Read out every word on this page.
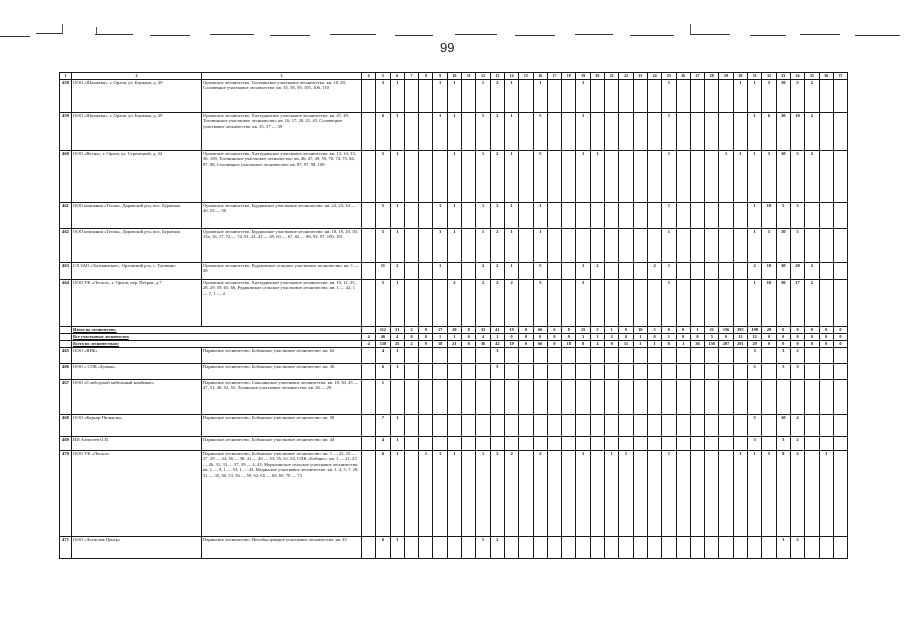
99
1	2	3	4	5	6	7	8	9	10	11	12	13	14	15	16	17	18	19	20	21	22	23	24	25	26	27	28	29	30	31	32	33	34	35	36	37	
458	ООО «Шахматы», г. Орлов, ул. Баумана, д. 29	Орловское лесничество, Тоотвинское участковое лесничество: кв. 18, 29; Соловецкое участковое лесничество: кв. 35, 58, 59, 105, 106, 110		3	1			1	1		1	2	1		1			1						1					1	1	5	10	5	2					
459	ООО «Шахматы», г. Орлов, ул. Баумана, д. 29	Орловское лесничество, Халтуринское участковое лесничество: кв. 47, 49, Тоотвинское участковое лесничество: кв. 16, 17, 20, 21, 45, Соловецкое участковое лесничество: кв. 35, 37 — 39		6	1			1	1		1	2	1		5			1						1						1	6	30	10	2					
460	ООО «Весна», г. Орлов, ул. Стрелецкой, д. 22	Орловское лесничество, Халтуринское участковое лесничество: кв. 13, 14, 33, 36, 109, Тоотвинское участковое лесничество: кв. 46, 47, 49, 59, 70, 74, 75, 84, 87, 98, Соловецкое участковое лесничество: кв. 87, 97, 98, 109		5	1				1		1	2	1		5			1	1					1				1	1	1	5	10	5	2					
461	ООО компания «Тесма», Даровской р-н, пос. Бураенок	Орловское лесничество, Бурдинское участковое лесничество: кв. 22, 23, 34 — 40, 53 — 56		5	1			1	1		1	2	1		1									1						1	10	5	3						
462	ООО компания «Тесма», Даровской р-н, пос. Бураенок	Орловское лесничество, Бурдинское участковое лесничество: кв. 18, 19, 20, 50, 15а, 16, 17, 72 — 74, 91, 24, 41 — 49, 63 — 67, 82 — 86, 92, 97, 100, 101		5	1			1	1		1	2	1		1									1						1	5	10	5						
463	СХ ЗАО «Тоотвинское», Орловский р-н, с. Тоотвино	Орловское лесничество, Рудаковское сельское участковое лесничество: кв. 1 — 28		11	2			1			2	2	1		5			1	2				2	1						2	10	30	20	2					
464	ООО УК «Лесхоз», г. Орлов, пер. Петров, д.7	Орловское лесничество, Халтуринское участковое лесничество: кв. 10, 11, 25, 28, 29, 59, 65, 66, Рудаковское сельское участковое лесничество: кв. 1 — 42, 1 — 7, 1 — 4		5	1				2		2	2	2		5			2						1						1	10	30	17	2					
	Итого по лесничеству:			112	21	2	9	17	20	8	32	41	19	0	66	6	8	15	5	1	0	10	3	0	0	1	21	156	395	198	29	0	0	0	0	0			
	Все участковые лесничества		4	46	4	0	0	1	1	0	4	1	0	0	0	0	0	3	3	2	0	1	0	1	0	0	5	0	12	12	0	0	0	0	0	0			
	Всего по лесничествам:		4	158	25	2	9	18	21	8	36	42	19	0	66	0	18	8	4	0	31	3	1	8	1	26	156	207	201	29	0	0	0	0	0	0			
465	ООО «ВНБ»	Паринское лесничество, Бобинское участковое лесничество: кв. 62		4	1							3																		3		3	2						
466	ООО « СОК «Бумаж»	Паринское лесничество, Бобинское участковое лесничество: кв. 30		6	1							5																		5		5	3						
467	ООО «Слободской мебельный комбинат»	Паринское лесничество, Соколинское участковое лесничество: кв. 18, 30, 45 — 47, 51, 48, 52, 53, Лозинское участковое лесничество: кв. 26 — 29		1																																			
468	ООО «Карьер-Пичкилы»	Паринское лесничество, Бобинское участковое лесничество: кв. 38		7	1																									5		10	4						
469	ИП Алексеев О.П.	Паринское лесничество, Бобинское участковое лесничество: кв. 44		4	1																									3		3	2						
470	ООО УК «Лесхоз»	Паринское лесничество, Бобинское участковое лесничество: кв. 1 — 23, 25 — 27, 29 — 34, 36 — 38, 41 — 49 — 53, 55, 61, 62, СПК «Бобино»: кв. 1 — 21, 23 — 26, 31, 33 — 37, 39 — 4, 43; Мурыгинское сельское участковое лесничество: кв. 1 — 9, 1 — 53, 1 — 42, Медянское участковое лесничество: кв. 1, 4, 5, 7, 29, 31 — 35, 36, 53, 56 — 59, 62, 65 — 68, 69, 70 — 73		6	1		1	1	1		1	2	2		2			1		1	1			1					1	1	5	8	2		1				
471	ООО «Логистик Центр»	Паринское лесничество, Нелобыстрицкое участковое лесничество: кв. 25		6	1						1	2																				3	2						
